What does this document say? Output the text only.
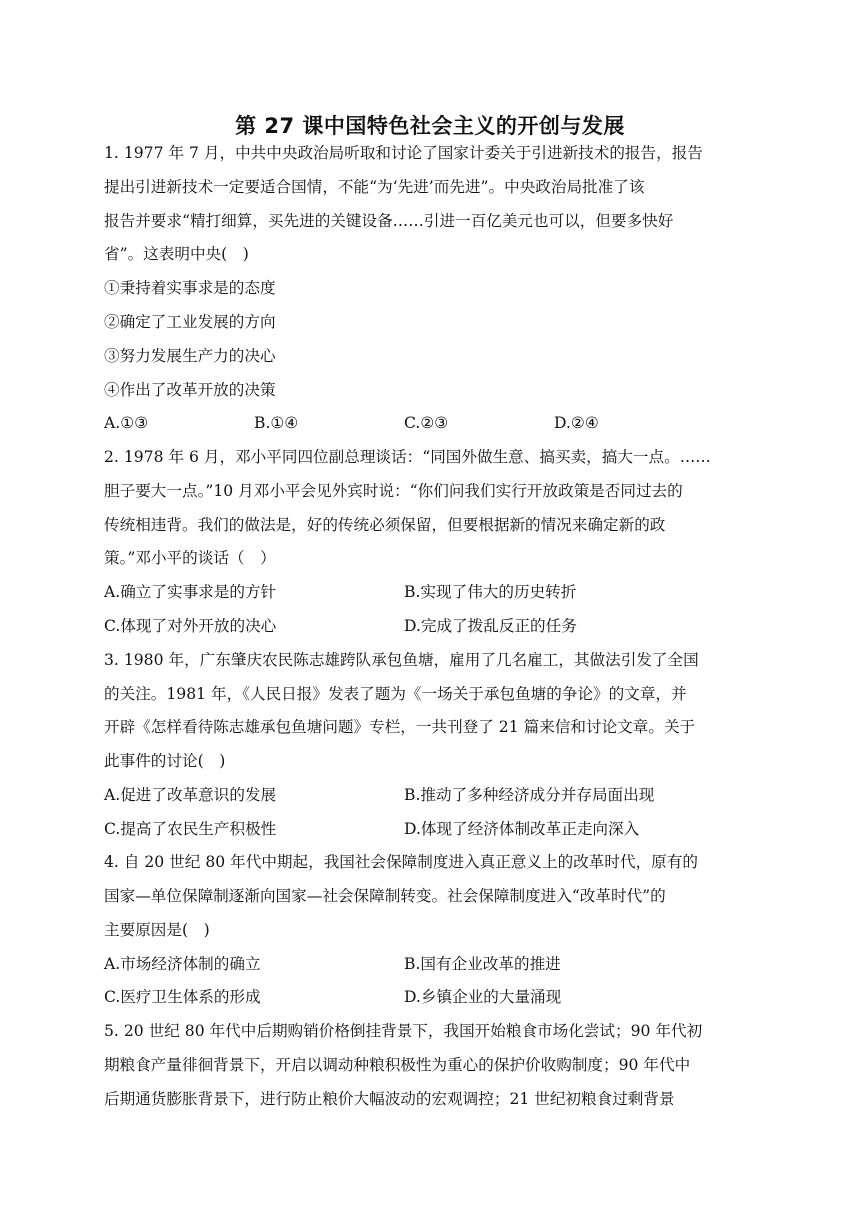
第 27 课中国特色社会主义的开创与发展
1. 1977 年 7 月，中共中央政治局听取和讨论了国家计委关于引进新技术的报告，报告
提出引进新技术一定要适合国情，不能“为‘先进’而先进”。中央政治局批准了该
报告并要求“精打细算，买先进的关键设备……引进一百亿美元也可以，但要多快好
省”。这表明中央(　)
①秉持着实事求是的态度
②确定了工业发展的方向
③努力发展生产力的决心
④作出了改革开放的决策
A.①③	B.①④	C.②③	D.②④
2. 1978 年 6 月，邓小平同四位副总理谈话：“同国外做生意、搞买卖，搞大一点。……
胆子要大一点。”10 月邓小平会见外宾时说：“你们问我们实行开放政策是否同过去的
传统相违背。我们的做法是，好的传统必须保留，但要根据新的情况来确定新的政
策。”邓小平的谈话（　）
A.确立了实事求是的方针	B.实现了伟大的历史转折
C.体现了对外开放的决心	D.完成了拨乱反正的任务
3. 1980 年，广东肇庆农民陈志雄跨队承包鱼塘，雇用了几名雇工，其做法引发了全国
的关注。1981 年，《人民日报》发表了题为《一场关于承包鱼塘的争论》的文章，并
开辟《怎样看待陈志雄承包鱼塘问题》专栏，一共刊登了 21 篇来信和讨论文章。关于
此事件的讨论(　)
A.促进了改革意识的发展	B.推动了多种经济成分并存局面出现
C.提高了农民生产积极性	D.体现了经济体制改革正走向深入
4. 自 20 世纪 80 年代中期起，我国社会保障制度进入真正意义上的改革时代，原有的
国家—单位保障制逐渐向国家—社会保障制转变。社会保障制度进入“改革时代”的
主要原因是(　)
A.市场经济体制的确立	B.国有企业改革的推进
C.医疗卫生体系的形成	D.乡镇企业的大量涌现
5. 20 世纪 80 年代中后期购销价格倒挂背景下，我国开始粮食市场化尝试；90 年代初
期粮食产量徘徊背景下，开启以调动种粮积极性为重心的保护价收购制度；90 年代中
后期通货膨胀背景下，进行防止粮价大幅波动的宏观调控；21 世纪初粮食过剩背景
